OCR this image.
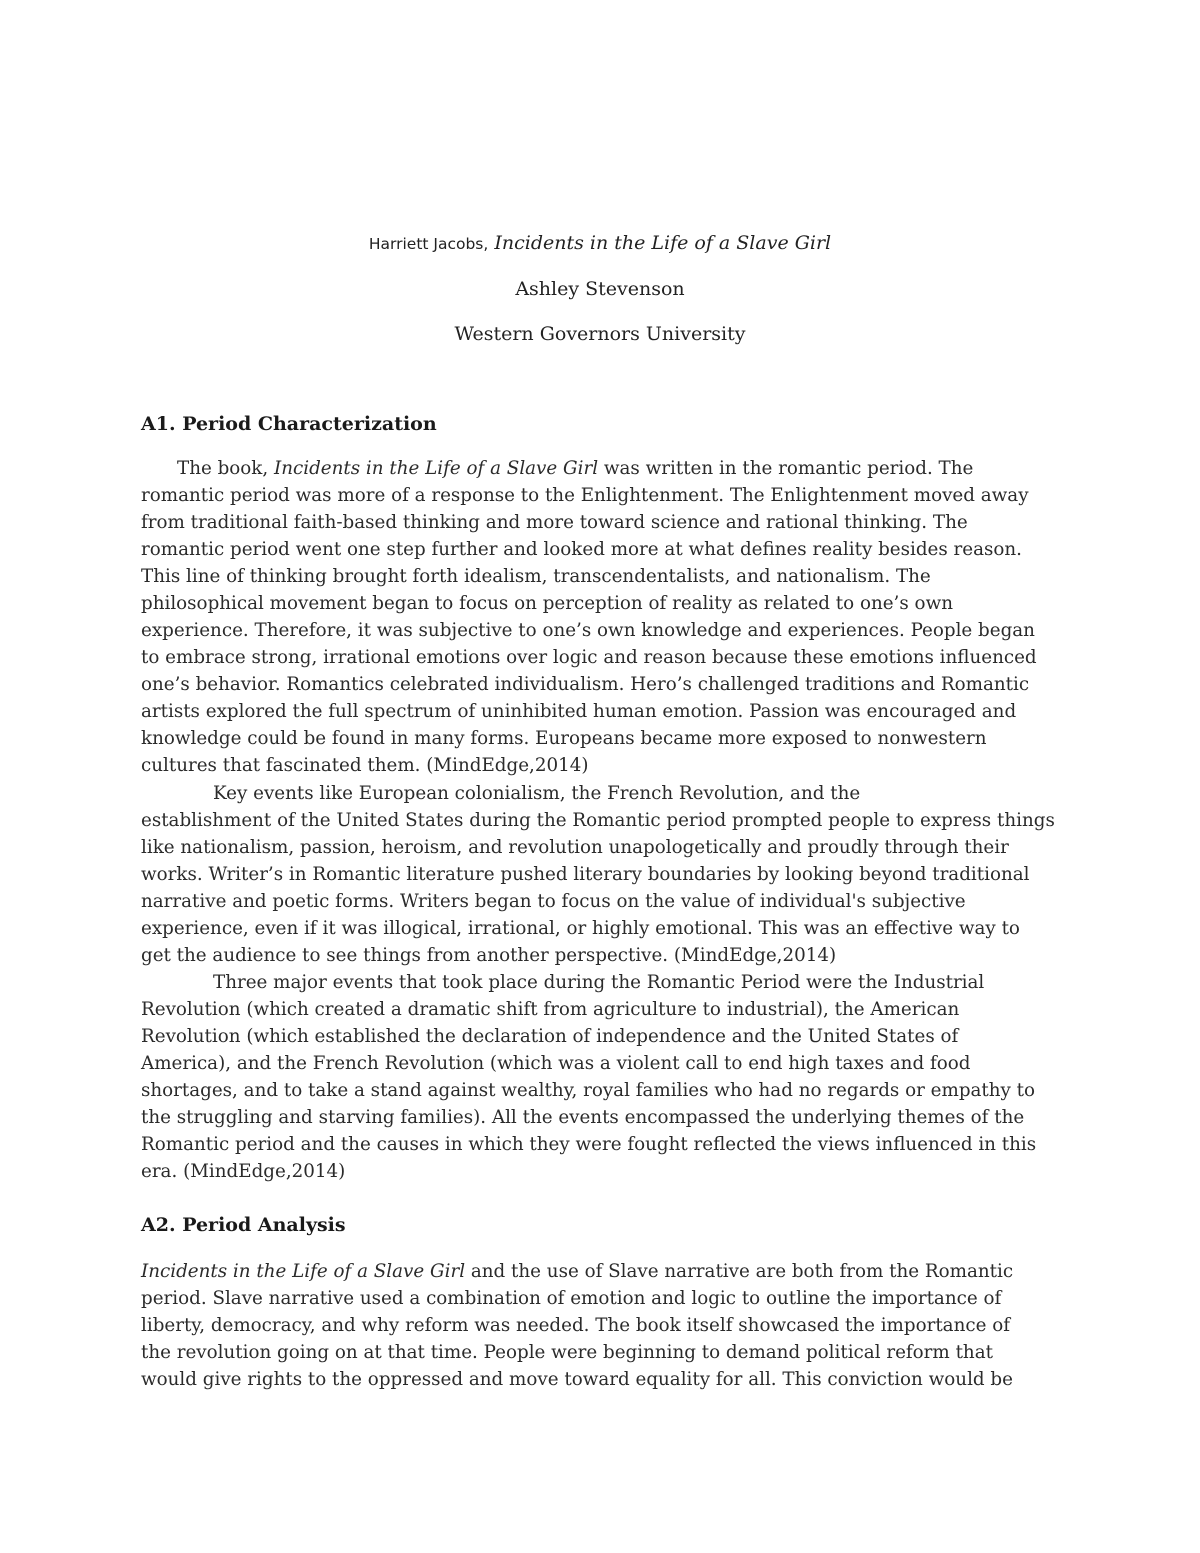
Harriett Jacobs, Incidents in the Life of a Slave Girl
Ashley Stevenson
Western Governors University
A1. Period Characterization

The book, Incidents in the Life of a Slave Girl was written in the romantic period. The
romantic period was more of a response to the Enlightenment. The Enlightenment moved away
from traditional faith-based thinking and more toward science and rational thinking. The
romantic period went one step further and looked more at what defines reality besides reason.
This line of thinking brought forth idealism, transcendentalists, and nationalism. The
philosophical movement began to focus on perception of reality as related to one’s own
experience. Therefore, it was subjective to one’s own knowledge and experiences. People began
to embrace strong, irrational emotions over logic and reason because these emotions influenced
one’s behavior. Romantics celebrated individualism. Hero’s challenged traditions and Romantic
artists explored the full spectrum of uninhibited human emotion. Passion was encouraged and
knowledge could be found in many forms. Europeans became more exposed to nonwestern
cultures that fascinated them. (MindEdge,2014)

Key events like European colonialism, the French Revolution, and the
establishment of the United States during the Romantic period prompted people to express things
like nationalism, passion, heroism, and revolution unapologetically and proudly through their
works. Writer’s in Romantic literature pushed literary boundaries by looking beyond traditional
narrative and poetic forms. Writers began to focus on the value of individual's subjective
experience, even if it was illogical, irrational, or highly emotional. This was an effective way to
get the audience to see things from another perspective. (MindEdge,2014)

Three major events that took place during the Romantic Period were the Industrial
Revolution (which created a dramatic shift from agriculture to industrial), the American
Revolution (which established the declaration of independence and the United States of
America), and the French Revolution (which was a violent call to end high taxes and food
shortages, and to take a stand against wealthy, royal families who had no regards or empathy to
the struggling and starving families). All the events encompassed the underlying themes of the
Romantic period and the causes in which they were fought reflected the views influenced in this
era. (MindEdge,2014)

A2. Period Analysis

Incidents in the Life of a Slave Girl and the use of Slave narrative are both from the Romantic
period. Slave narrative used a combination of emotion and logic to outline the importance of
liberty, democracy, and why reform was needed. The book itself showcased the importance of
the revolution going on at that time. People were beginning to demand political reform that
would give rights to the oppressed and move toward equality for all. This conviction would be
